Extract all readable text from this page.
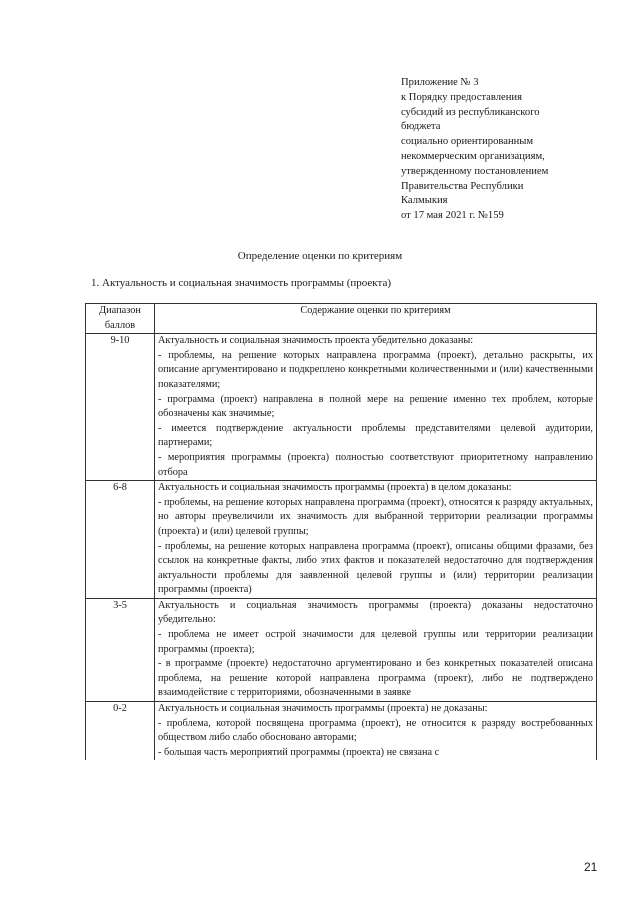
Приложение № 3
к Порядку предоставления
субсидий из республиканского
бюджета
социально ориентированным
некоммерческим организациям,
утвержденному постановлением
Правительства Республики
Калмыкия
от 17 мая 2021 г. №159
Определение оценки по критериям
1. Актуальность и социальная значимость программы (проекта)
Диапазон баллов	Содержание оценки по критериям
9-10	Актуальность и социальная значимость проекта убедительно доказаны:

- проблемы, на решение которых направлена программа (проект), детально раскрыты, их описание аргументировано и подкреплено конкретными количественными и (или) качественными показателями;

- программа (проект) направлена в полной мере на решение именно тех проблем, которые обозначены как значимые;

- имеется подтверждение актуальности проблемы представителями целевой аудитории, партнерами;

- мероприятия программы (проекта) полностью соответствуют приоритетному направлению отбора

6-8	Актуальность и социальная значимость программы (проекта) в целом доказаны:

- проблемы, на решение которых направлена программа (проект), относятся к разряду актуальных, но авторы преувеличили их значимость для выбранной территории реализации программы (проекта) и (или) целевой группы;

- проблемы, на решение которых направлена программа (проект), описаны общими фразами, без ссылок на конкретные факты, либо этих фактов и показателей недостаточно для подтверждения актуальности проблемы для заявленной целевой группы и (или) территории реализации программы (проекта)

3-5	Актуальность и социальная значимость программы (проекта) доказаны недостаточно убедительно:

- проблема не имеет острой значимости для целевой группы или территории реализации программы (проекта);

- в программе (проекте) недостаточно аргументировано и без конкретных показателей описана проблема, на решение которой направлена программа (проект), либо не подтверждено взаимодействие с территориями, обозначенными в заявке

0-2	Актуальность и социальная значимость программы (проекта) не доказаны:

- проблема, которой посвящена программа (проект), не относится к разряду востребованных обществом либо слабо обосновано авторами;

- большая часть мероприятий программы (проекта) не связана с

21
